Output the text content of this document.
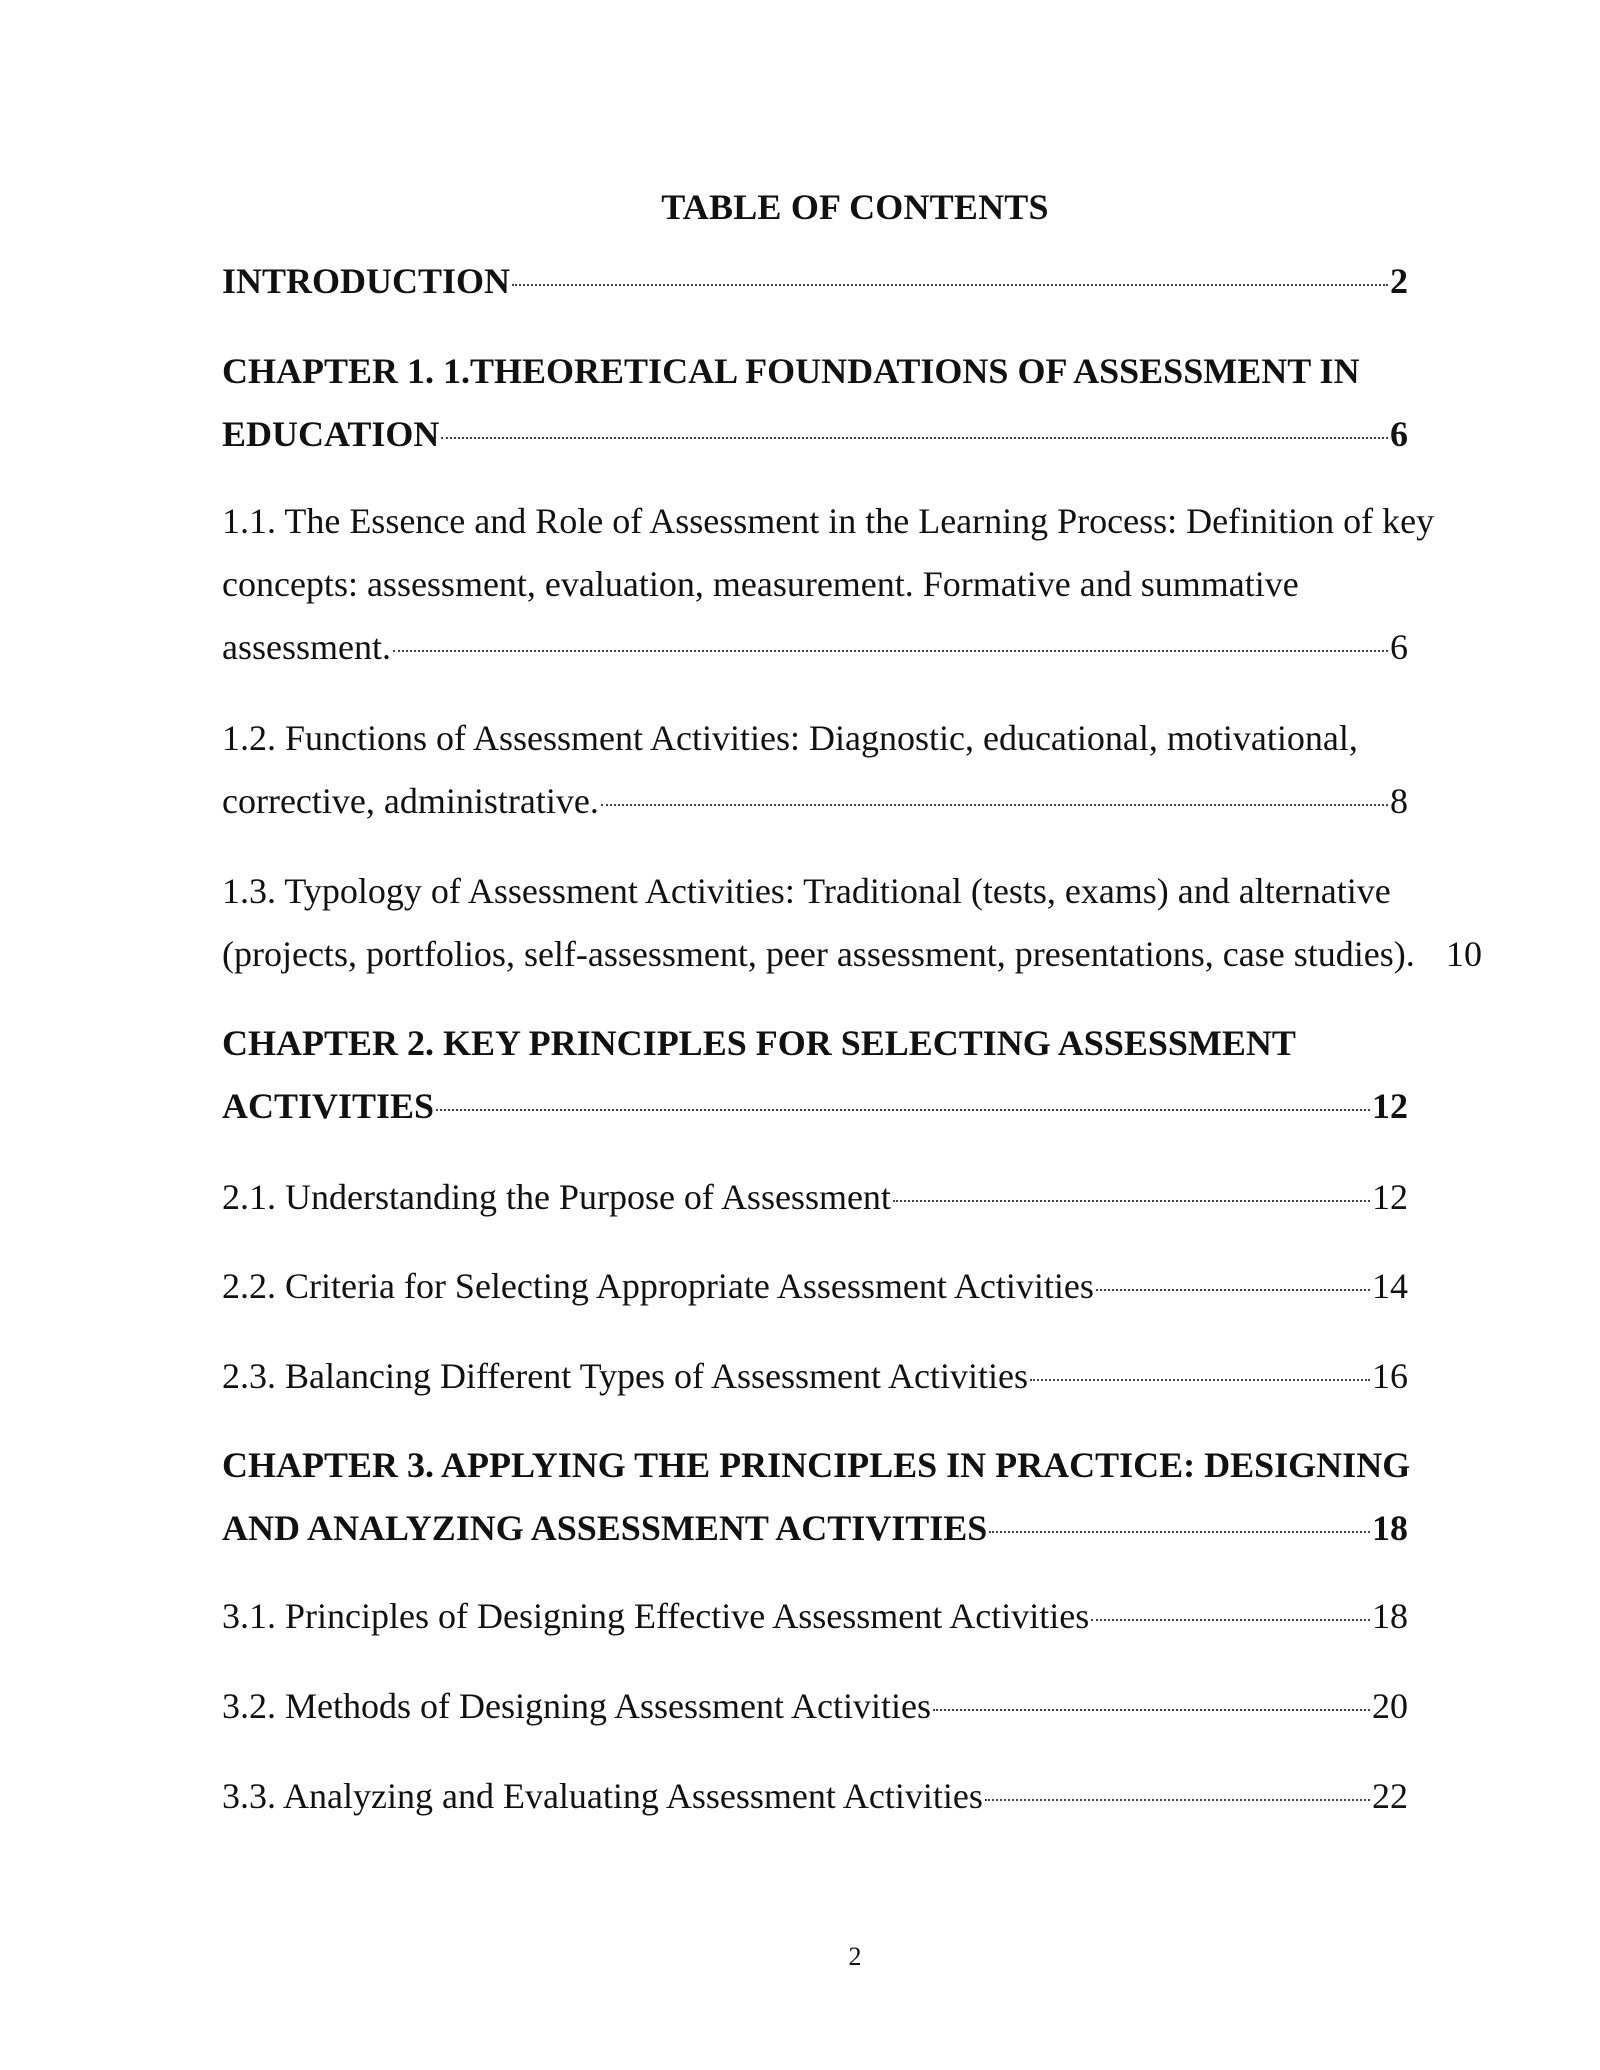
TABLE OF CONTENTS
INTRODUCTION	2
CHAPTER 1. 1.THEORETICAL FOUNDATIONS OF ASSESSMENT IN
EDUCATION	6
1.1. The Essence and Role of Assessment in the Learning Process: Definition of key
concepts: assessment, evaluation, measurement. Formative and summative
assessment.	6
1.2. Functions of Assessment Activities: Diagnostic, educational, motivational,
corrective, administrative.	8
1.3. Typology of Assessment Activities: Traditional (tests, exams) and alternative
(projects, portfolios, self-assessment, peer assessment, presentations, case studies). 10
CHAPTER 2. KEY PRINCIPLES FOR SELECTING ASSESSMENT
ACTIVITIES	12
2.1. Understanding the Purpose of Assessment	12
2.2. Criteria for Selecting Appropriate Assessment Activities	14
2.3. Balancing Different Types of Assessment Activities	16
CHAPTER 3. APPLYING THE PRINCIPLES IN PRACTICE: DESIGNING
AND ANALYZING ASSESSMENT ACTIVITIES	18
3.1. Principles of Designing Effective Assessment Activities	18
3.2. Methods of Designing Assessment Activities	20
3.3. Analyzing and Evaluating Assessment Activities	22
2
